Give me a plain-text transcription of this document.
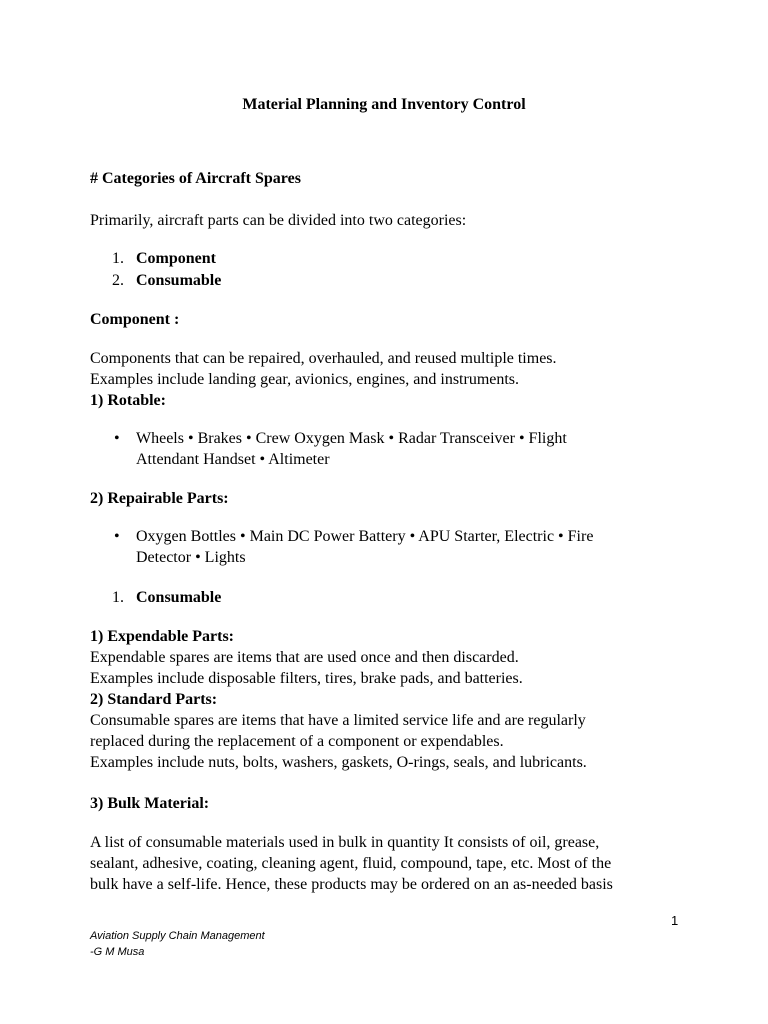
Material Planning and Inventory Control

# Categories of Aircraft Spares

Primarily, aircraft parts can be divided into two categories:

1. Component

2. Consumable

Component :

Components that can be repaired, overhauled, and reused multiple times.

Examples include landing gear, avionics, engines, and instruments.

1) Rotable:

• Wheels • Brakes • Crew Oxygen Mask • Radar Transceiver • Flight

Attendant Handset • Altimeter

2) Repairable Parts:

• Oxygen Bottles • Main DC Power Battery • APU Starter, Electric • Fire

Detector • Lights

1. Consumable

1) Expendable Parts:

Expendable spares are items that are used once and then discarded.

Examples include disposable filters, tires, brake pads, and batteries.

2) Standard Parts:

Consumable spares are items that have a limited service life and are regularly

replaced during the replacement of a component or expendables.

Examples include nuts, bolts, washers, gaskets, O-rings, seals, and lubricants.

3) Bulk Material:

A list of consumable materials used in bulk in quantity It consists of oil, grease,

sealant, adhesive, coating, cleaning agent, fluid, compound, tape, etc. Most of the

bulk have a self-life. Hence, these products may be ordered on an as-needed basis

1
Aviation Supply Chain Management
-G M Musa
